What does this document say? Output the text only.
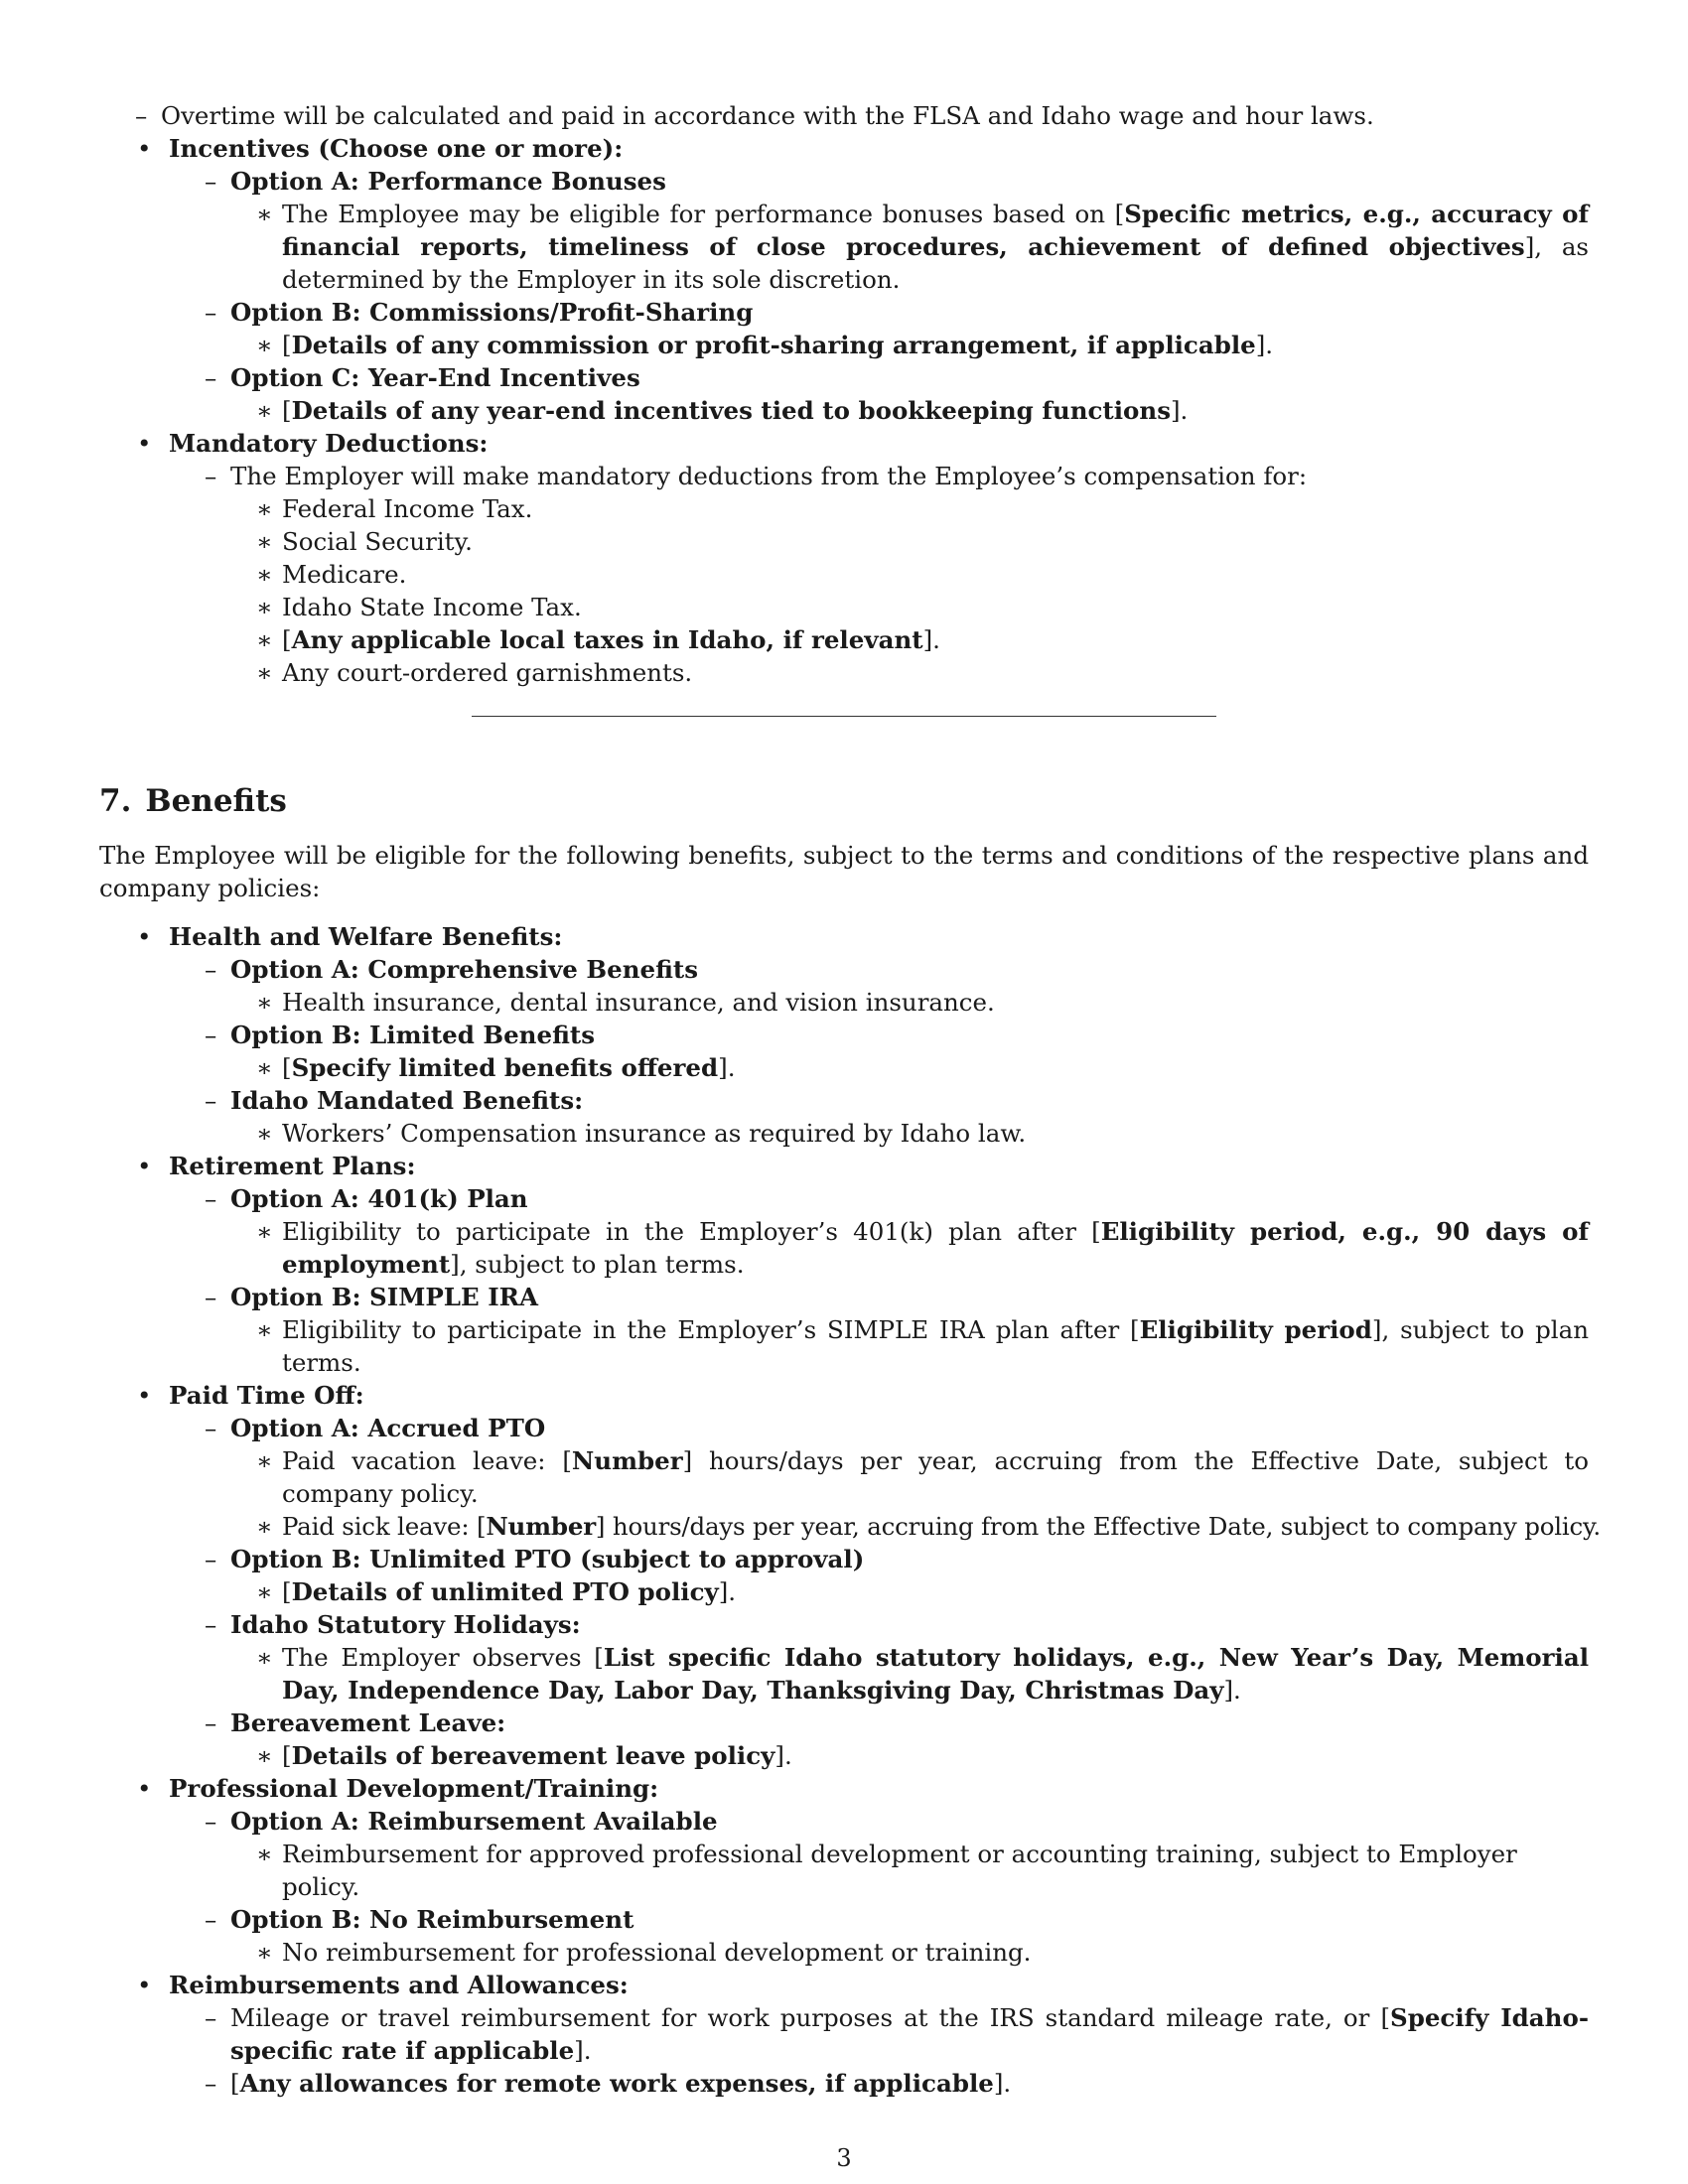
– Overtime will be calculated and paid in accordance with the FLSA and Idaho wage and hour laws.
• Incentives (Choose one or more):
– Option A: Performance Bonuses
∗ The Employee may be eligible for performance bonuses based on [Specific metrics, e.g., accuracy of financial reports, timeliness of close procedures, achievement of defined objectives], as determined by the Employer in its sole discretion.
– Option B: Commissions/Profit-Sharing
∗ [Details of any commission or profit-sharing arrangement, if applicable].
– Option C: Year-End Incentives
∗ [Details of any year-end incentives tied to bookkeeping functions].
• Mandatory Deductions:
– The Employer will make mandatory deductions from the Employee’s compensation for:
∗ Federal Income Tax.
∗ Social Security.
∗ Medicare.
∗ Idaho State Income Tax.
∗ [Any applicable local taxes in Idaho, if relevant].
∗ Any court-ordered garnishments.
7. Benefits

The Employee will be eligible for the following benefits, subject to the terms and conditions of the respective plans and company policies:

• Health and Welfare Benefits:
– Option A: Comprehensive Benefits
∗ Health insurance, dental insurance, and vision insurance.
– Option B: Limited Benefits
∗ [Specify limited benefits offered].
– Idaho Mandated Benefits:
∗ Workers’ Compensation insurance as required by Idaho law.
• Retirement Plans:
– Option A: 401(k) Plan
∗ Eligibility to participate in the Employer’s 401(k) plan after [Eligibility period, e.g., 90 days of employment], subject to plan terms.
– Option B: SIMPLE IRA
∗ Eligibility to participate in the Employer’s SIMPLE IRA plan after [Eligibility period], subject to plan terms.
• Paid Time Off:
– Option A: Accrued PTO
∗ Paid vacation leave: [Number] hours/days per year, accruing from the Effective Date, subject to company policy.
∗ Paid sick leave: [Number] hours/days per year, accruing from the Effective Date, subject to company policy.
– Option B: Unlimited PTO (subject to approval)
∗ [Details of unlimited PTO policy].
– Idaho Statutory Holidays:
∗ The Employer observes [List specific Idaho statutory holidays, e.g., New Year’s Day, Memorial Day, Independence Day, Labor Day, Thanksgiving Day, Christmas Day].
– Bereavement Leave:
∗ [Details of bereavement leave policy].
• Professional Development/Training:
– Option A: Reimbursement Available
∗ Reimbursement for approved professional development or accounting training, subject to Employer policy.
– Option B: No Reimbursement
∗ No reimbursement for professional development or training.
• Reimbursements and Allowances:
– Mileage or travel reimbursement for work purposes at the IRS standard mileage rate, or [Specify Idaho-specific rate if applicable].
– [Any allowances for remote work expenses, if applicable].
3
